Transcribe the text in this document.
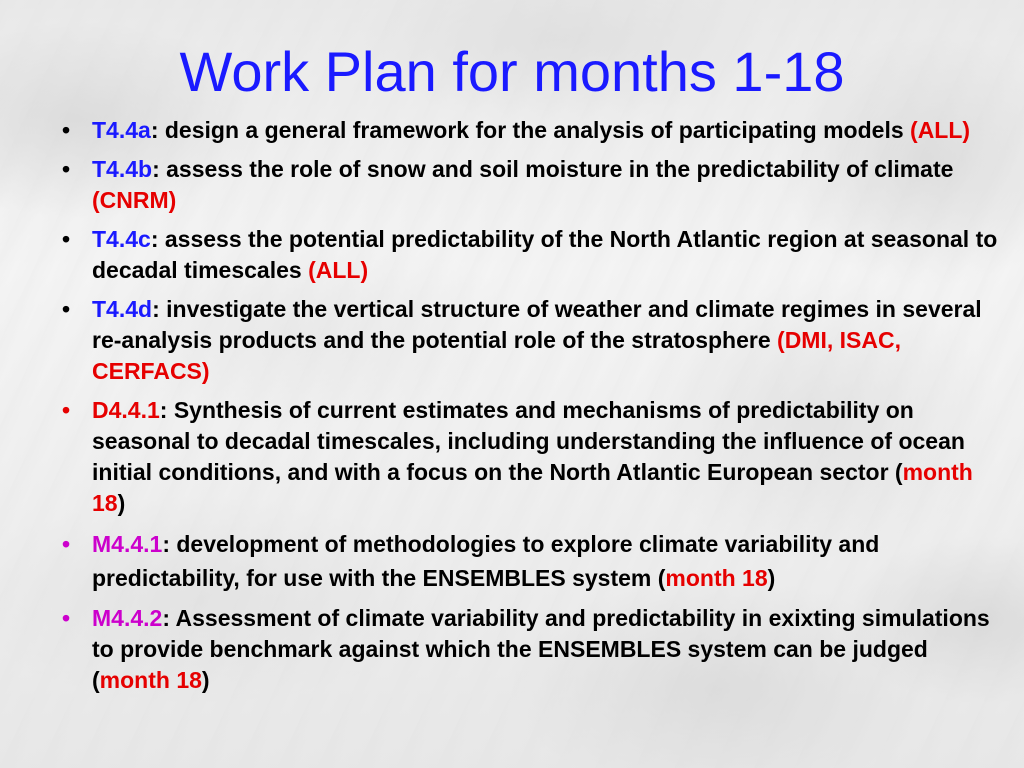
Work Plan for months 1-18
• T4.4a: design a general framework for the analysis of participating models (ALL)
• T4.4b: assess the role of snow and soil moisture in the predictability of climate (CNRM)
• T4.4c: assess the potential predictability of the North Atlantic region at seasonal to decadal timescales (ALL)
• T4.4d: investigate the vertical structure of weather and climate regimes in several re-analysis products and the potential role of the stratosphere (DMI, ISAC, CERFACS)
• D4.4.1: Synthesis of current estimates and mechanisms of predictability on seasonal to decadal timescales, including understanding the influence of ocean initial conditions, and with a focus on the North Atlantic European sector (month 18)
• M4.4.1: development of methodologies to explore climate variability and predictability, for use with the ENSEMBLES system (month 18)
• M4.4.2: Assessment of climate variability and predictability in exixting simulations to provide benchmark against which the ENSEMBLES system can be judged (month 18)
